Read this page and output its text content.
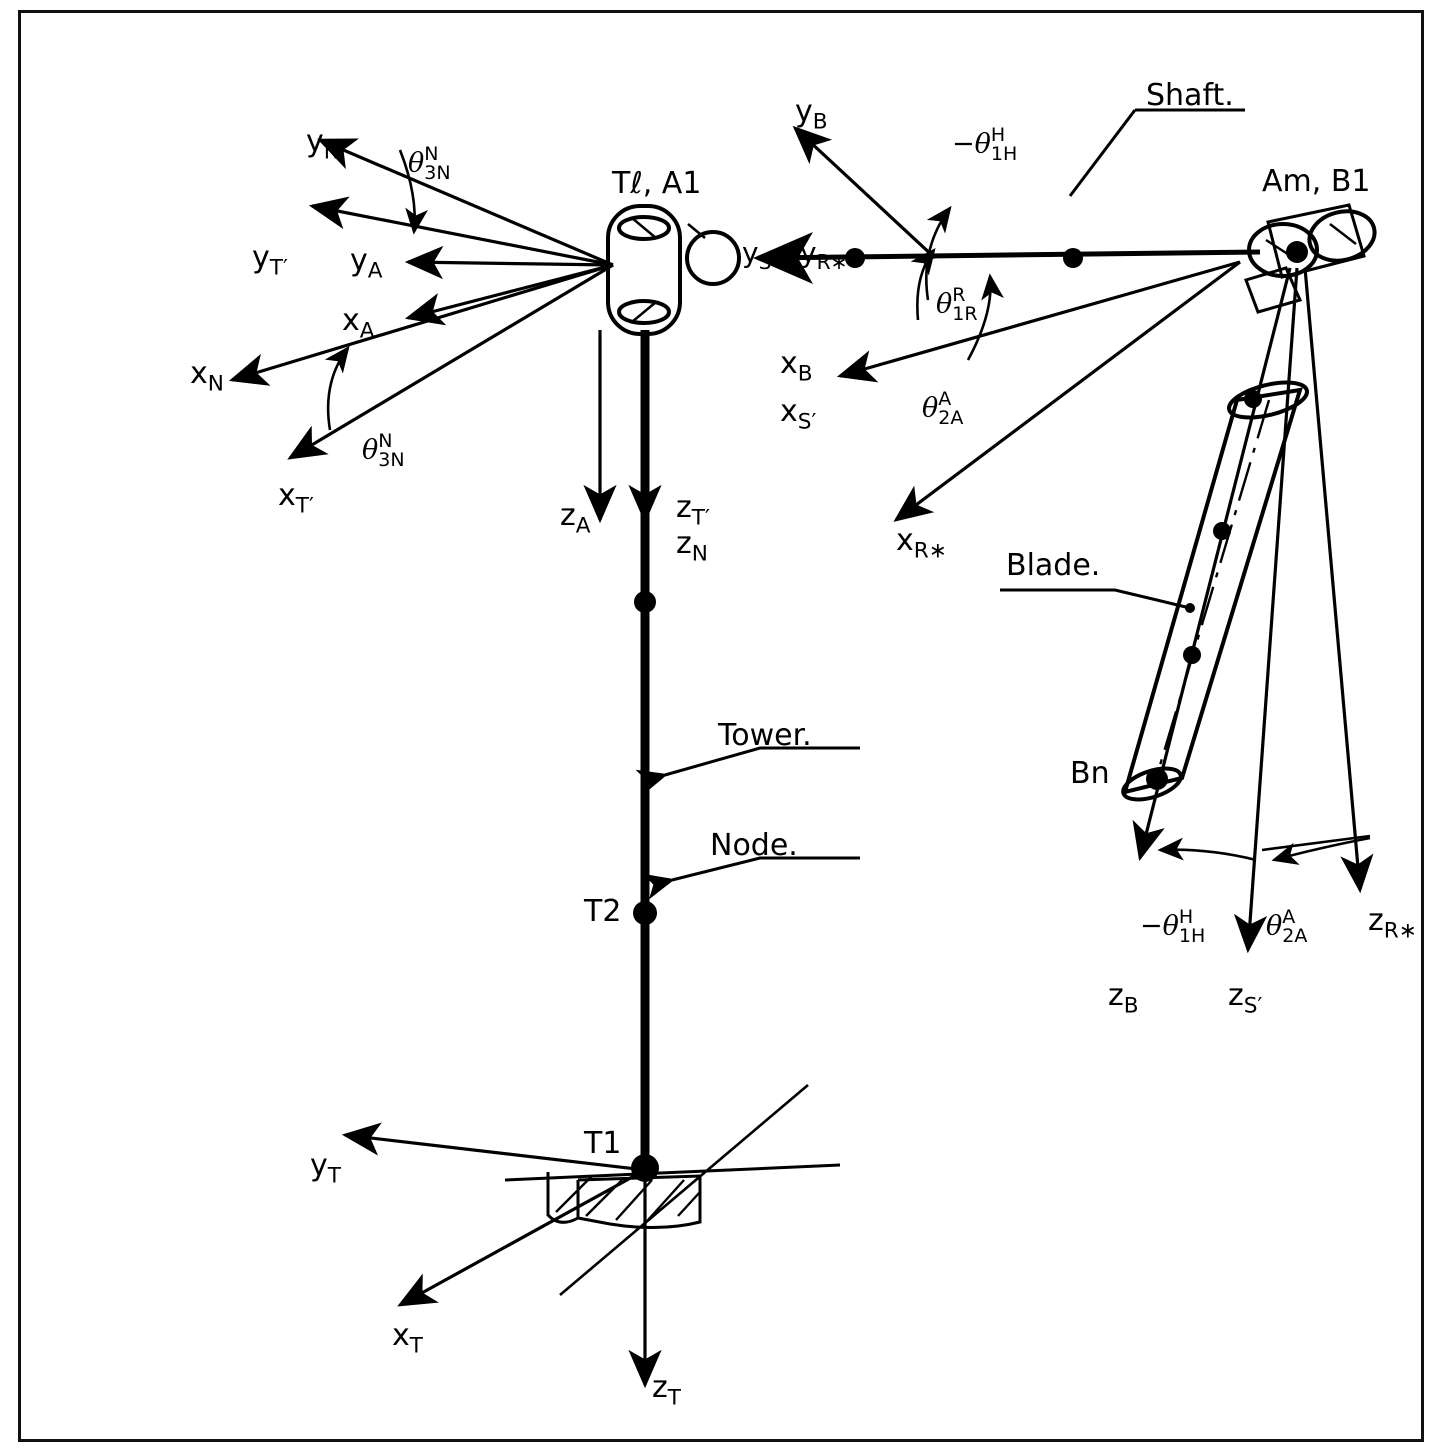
$y_N$
$y_{T'}$ $y_A$
$x_A$
$x_N$
$x_{T'}$
$y_{S'}$ $y_{R∗}$
$y_B$
$x_B$
$x_{S'}$
$x_{R∗}$
$z_A$
$z_{T'}$
$z_N$
$z_B$	$z_{S'}$
$z_{R∗}$
$y_T$
$x_T$
$z_T$
θ N
3N
θ N
3N
−θ H
1H
θ R
1R
θ A
2A
−θ H
1H θ A
2A
Tℓ, A1	Am, B1
Bn
T2
T1
Shaft.
Blade.
Tower.
Node.
